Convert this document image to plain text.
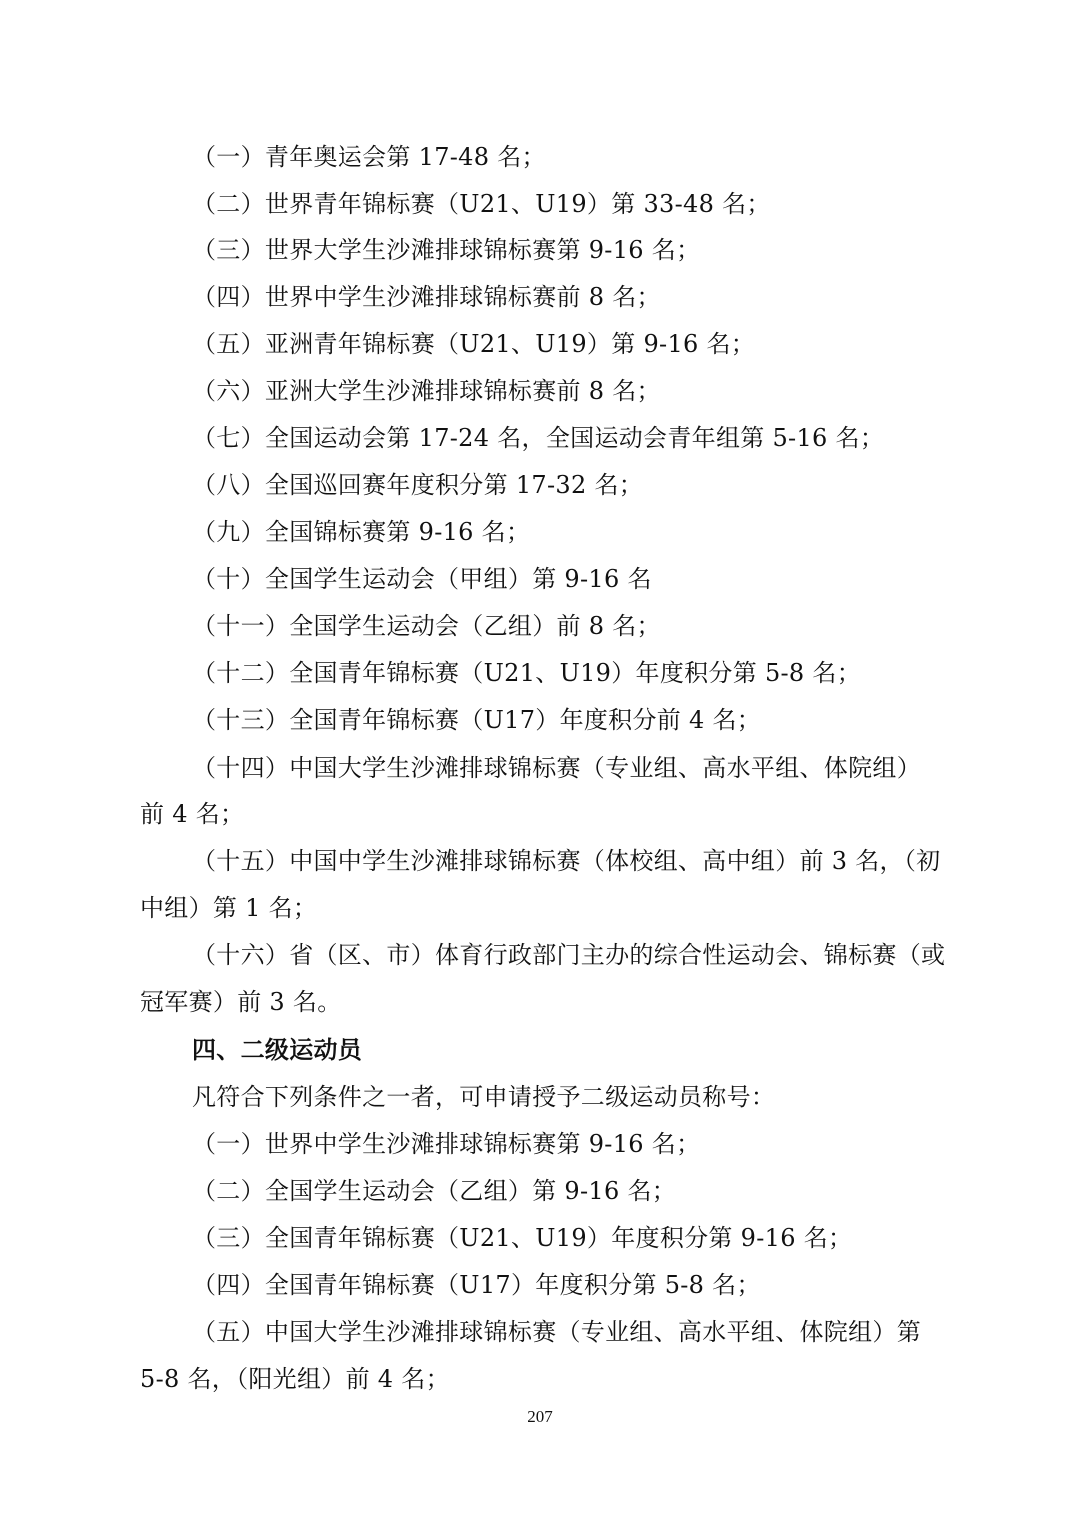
（一）青年奥运会第 17-48 名；
（二）世界青年锦标赛（U21、U19）第 33-48 名；
（三）世界大学生沙滩排球锦标赛第 9-16 名；
（四）世界中学生沙滩排球锦标赛前 8 名；
（五）亚洲青年锦标赛（U21、U19）第 9-16 名；
（六）亚洲大学生沙滩排球锦标赛前 8 名；
（七）全国运动会第 17-24 名，全国运动会青年组第 5-16 名；
（八）全国巡回赛年度积分第 17-32 名；
（九）全国锦标赛第 9-16 名；
（十）全国学生运动会（甲组）第 9-16 名
（十一）全国学生运动会（乙组）前 8 名；
（十二）全国青年锦标赛（U21、U19）年度积分第 5-8 名；
（十三）全国青年锦标赛（U17）年度积分前 4 名；
（十四）中国大学生沙滩排球锦标赛（专业组、高水平组、体院组）
前 4 名；
（十五）中国中学生沙滩排球锦标赛（体校组、高中组）前 3 名，（初
中组）第 1 名；
（十六）省（区、市）体育行政部门主办的综合性运动会、锦标赛（或
冠军赛）前 3 名。
四、二级运动员
凡符合下列条件之一者，可申请授予二级运动员称号：
（一）世界中学生沙滩排球锦标赛第 9-16 名；
（二）全国学生运动会（乙组）第 9-16 名；
（三）全国青年锦标赛（U21、U19）年度积分第 9-16 名；
（四）全国青年锦标赛（U17）年度积分第 5-8 名；
（五）中国大学生沙滩排球锦标赛（专业组、高水平组、体院组）第
5-8 名，（阳光组）前 4 名；
207
